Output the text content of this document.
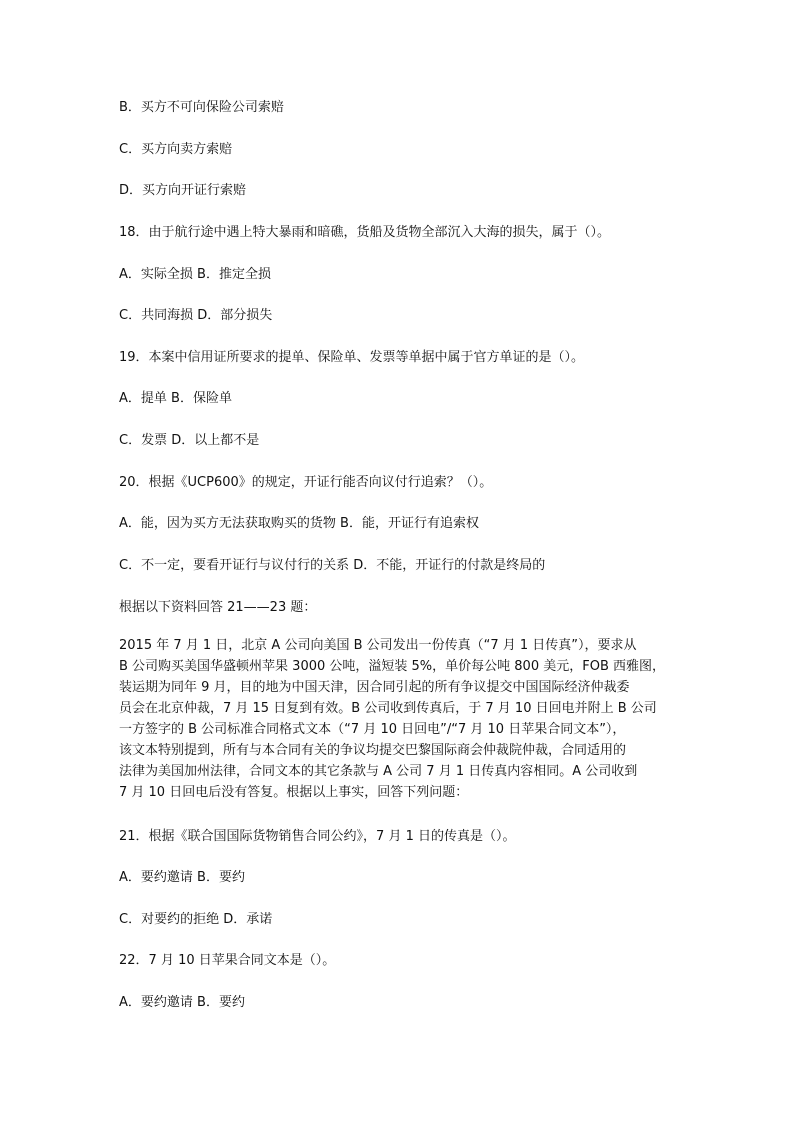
B．买方不可向保险公司索赔

C．买方向卖方索赔

D．买方向开证行索赔

18．由于航行途中遇上特大暴雨和暗礁，货船及货物全部沉入大海的损失，属于（）。

A．实际全损 B．推定全损

C．共同海损 D．部分损失

19．本案中信用证所要求的提单、保险单、发票等单据中属于官方单证的是（）。

A．提单 B．保险单

C．发票 D．以上都不是

20．根据《UCP600》的规定，开证行能否向议付行追索？（）。

A．能，因为买方无法获取购买的货物 B．能，开证行有追索权

C．不一定，要看开证行与议付行的关系 D．不能，开证行的付款是终局的

根据以下资料回答 21——23 题：

2015 年 7 月 1 日，北京 A 公司向美国 B 公司发出一份传真（“7 月 1 日传真”），要求从
B 公司购买美国华盛顿州苹果 3000 公吨，溢短装 5%，单价每公吨 800 美元，FOB 西雅图，
装运期为同年 9 月，目的地为中国天津，因合同引起的所有争议提交中国国际经济仲裁委
员会在北京仲裁，7 月 15 日复到有效。B 公司收到传真后，于 7 月 10 日回电并附上 B 公司
一方签字的 B 公司标准合同格式文本（“7 月 10 日回电”/“7 月 10 日苹果合同文本”），
该文本特别提到，所有与本合同有关的争议均提交巴黎国际商会仲裁院仲裁，合同适用的
法律为美国加州法律，合同文本的其它条款与 A 公司 7 月 1 日传真内容相同。A 公司收到
7 月 10 日回电后没有答复。根据以上事实，回答下列问题：

21．根据《联合国国际货物销售合同公约》，7 月 1 日的传真是（）。

A．要约邀请 B．要约

C．对要约的拒绝 D．承诺

22．7 月 10 日苹果合同文本是（）。

A．要约邀请 B．要约
